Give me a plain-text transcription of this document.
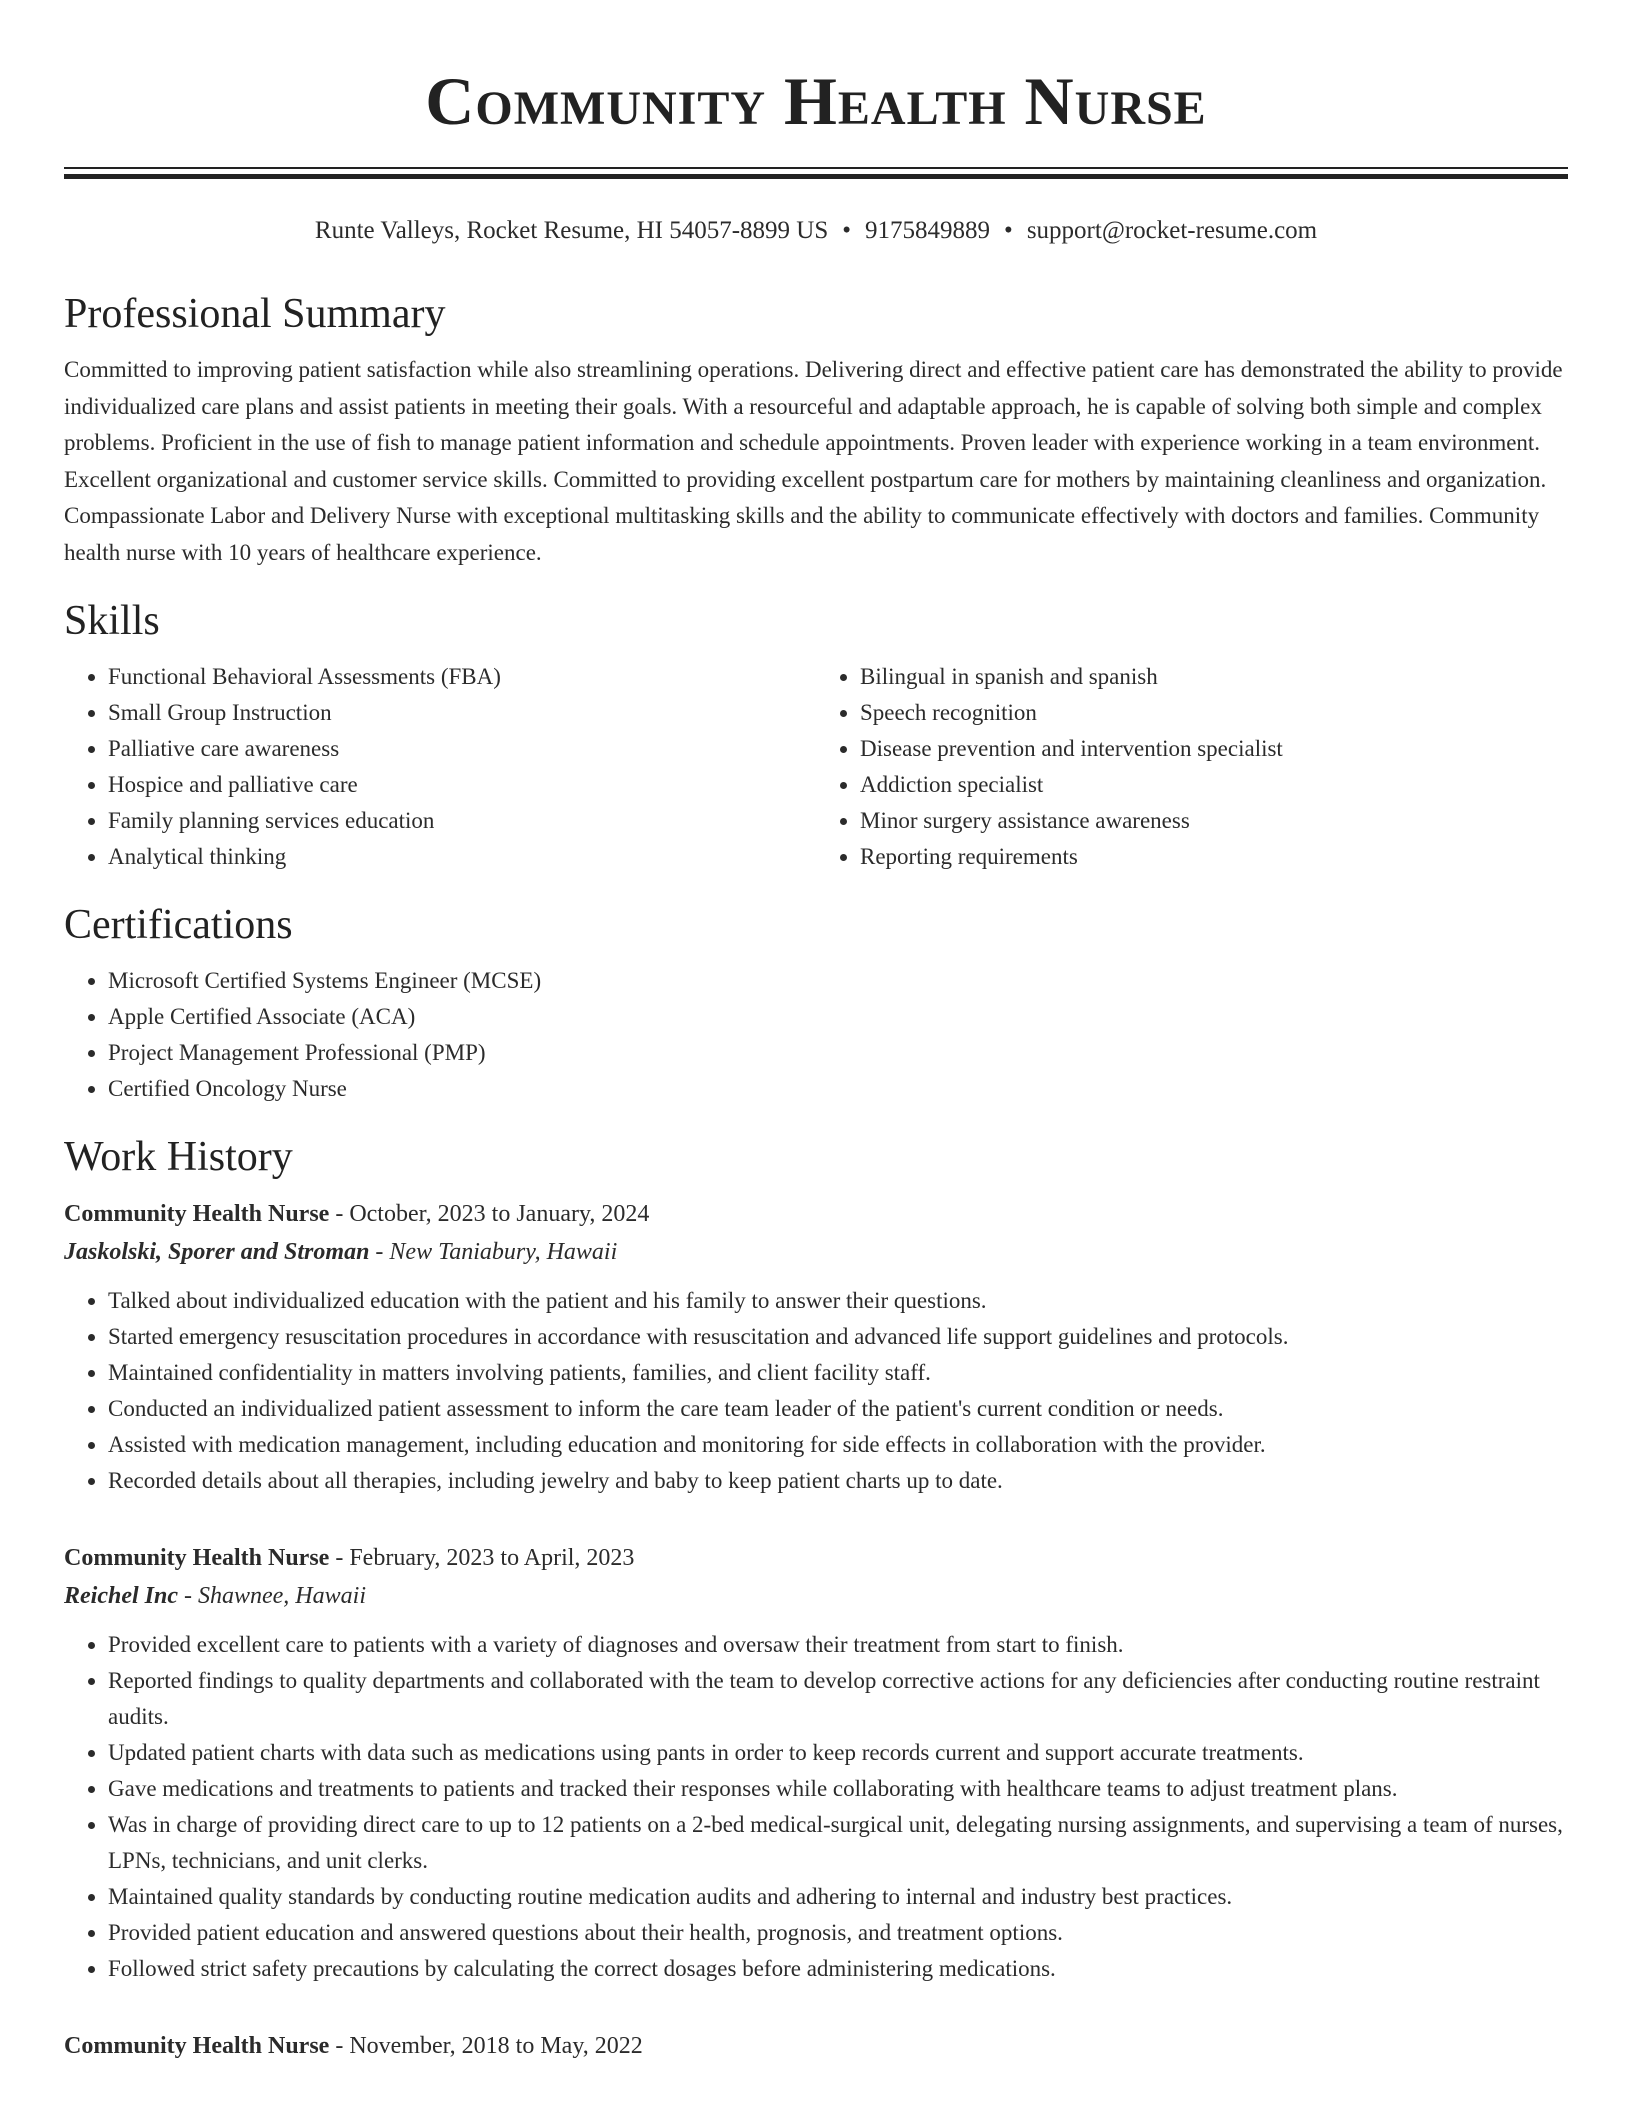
Community Health Nurse
Runte Valleys, Rocket Resume, HI 54057-8899 US • 9175849889 • support@rocket-resume.com
Professional Summary

Committed to improving patient satisfaction while also streamlining operations. Delivering direct and effective patient care has demonstrated the ability to provide individualized care plans and assist patients in meeting their goals. With a resourceful and adaptable approach, he is capable of solving both simple and complex problems. Proficient in the use of fish to manage patient information and schedule appointments. Proven leader with experience working in a team environment. Excellent organizational and customer service skills. Committed to providing excellent postpartum care for mothers by maintaining cleanliness and organization. Compassionate Labor and Delivery Nurse with exceptional multitasking skills and the ability to communicate effectively with doctors and families. Community health nurse with 10 years of healthcare experience.

Skills
• Functional Behavioral Assessments (FBA)
• Small Group Instruction
• Palliative care awareness
• Hospice and palliative care
• Family planning services education
• Analytical thinking
• Bilingual in spanish and spanish
• Speech recognition
• Disease prevention and intervention specialist
• Addiction specialist
• Minor surgery assistance awareness
• Reporting requirements
Certifications
• Microsoft Certified Systems Engineer (MCSE)
• Apple Certified Associate (ACA)
• Project Management Professional (PMP)
• Certified Oncology Nurse
Work History
Community Health Nurse - October, 2023 to January, 2024
Jaskolski, Sporer and Stroman - New Taniabury, Hawaii
• Talked about individualized education with the patient and his family to answer their questions.
• Started emergency resuscitation procedures in accordance with resuscitation and advanced life support guidelines and protocols.
• Maintained confidentiality in matters involving patients, families, and client facility staff.
• Conducted an individualized patient assessment to inform the care team leader of the patient's current condition or needs.
• Assisted with medication management, including education and monitoring for side effects in collaboration with the provider.
• Recorded details about all therapies, including jewelry and baby to keep patient charts up to date.
Community Health Nurse - February, 2023 to April, 2023
Reichel Inc - Shawnee, Hawaii
• Provided excellent care to patients with a variety of diagnoses and oversaw their treatment from start to finish.
• Reported findings to quality departments and collaborated with the team to develop corrective actions for any deficiencies after conducting routine restraint audits.
• Updated patient charts with data such as medications using pants in order to keep records current and support accurate treatments.
• Gave medications and treatments to patients and tracked their responses while collaborating with healthcare teams to adjust treatment plans.
• Was in charge of providing direct care to up to 12 patients on a 2-bed medical-surgical unit, delegating nursing assignments, and supervising a team of nurses, LPNs, technicians, and unit clerks.
• Maintained quality standards by conducting routine medication audits and adhering to internal and industry best practices.
• Provided patient education and answered questions about their health, prognosis, and treatment options.
• Followed strict safety precautions by calculating the correct dosages before administering medications.
Community Health Nurse - November, 2018 to May, 2022
